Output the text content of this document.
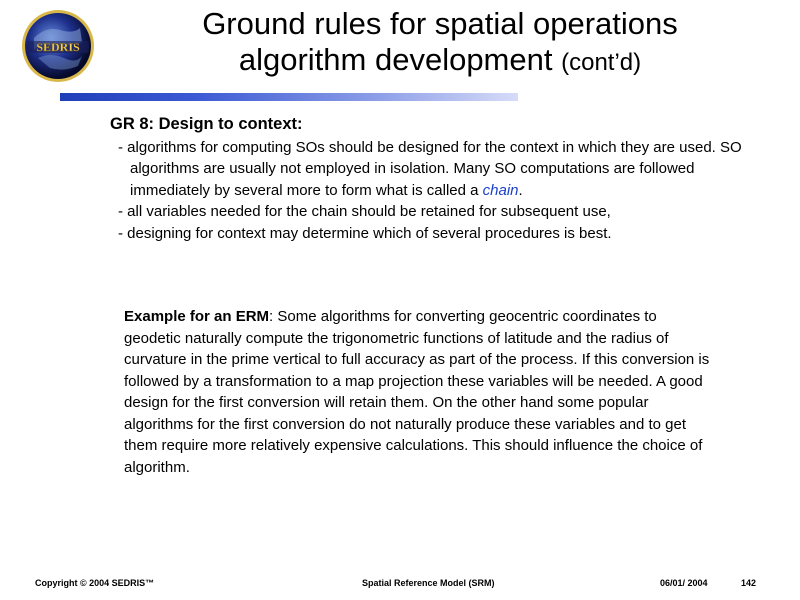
SEDRIS
Ground rules for spatial operations
algorithm development (cont’d)
GR 8: Design to context:
- algorithms for computing SOs should be designed for the context in which they are used. SO algorithms are usually not employed in isolation. Many SO computations are followed immediately by several more to form what is called a chain.
- all variables needed for the chain should be retained for subsequent use,
- designing for context may determine which of several procedures is best.
Example for an ERM: Some algorithms for converting geocentric coordinates to geodetic naturally compute the trigonometric functions of latitude and the radius of curvature in the prime vertical to full accuracy as part of the process. If this conversion is followed by a transformation to a map projection these variables will be needed. A good design for the first conversion will retain them. On the other hand some popular algorithms for the first conversion do not naturally produce these variables and to get them require more relatively expensive calculations. This should influence the choice of algorithm.
Copyright © 2004 SEDRIS™	Spatial Reference Model (SRM)	06/01/ 2004	142
